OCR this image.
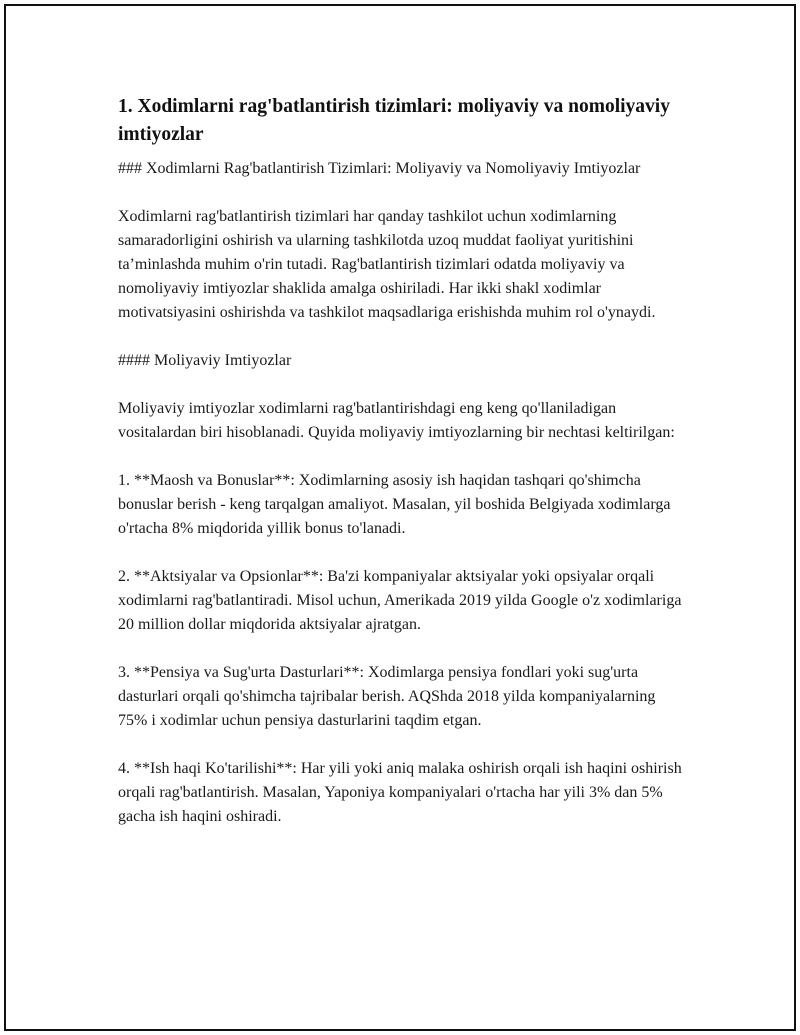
1. Xodimlarni rag'batlantirish tizimlari: moliyaviy va nomoliyaviy imtiyozlar

### Xodimlarni Rag'batlantirish Tizimlari: Moliyaviy va Nomoliyaviy Imtiyozlar

Xodimlarni rag'batlantirish tizimlari har qanday tashkilot uchun xodimlarning samaradorligini oshirish va ularning tashkilotda uzoq muddat faoliyat yuritishini ta’minlashda muhim o'rin tutadi. Rag'batlantirish tizimlari odatda moliyaviy va nomoliyaviy imtiyozlar shaklida amalga oshiriladi. Har ikki shakl xodimlar motivatsiyasini oshirishda va tashkilot maqsadlariga erishishda muhim rol o'ynaydi.

#### Moliyaviy Imtiyozlar

Moliyaviy imtiyozlar xodimlarni rag'batlantirishdagi eng keng qo'llaniladigan vositalardan biri hisoblanadi. Quyida moliyaviy imtiyozlarning bir nechtasi keltirilgan:

1. **Maosh va Bonuslar**: Xodimlarning asosiy ish haqidan tashqari qo'shimcha bonuslar berish - keng tarqalgan amaliyot. Masalan, yil boshida Belgiyada xodimlarga o'rtacha 8% miqdorida yillik bonus to'lanadi.

2. **Aktsiyalar va Opsionlar**: Ba'zi kompaniyalar aktsiyalar yoki opsiyalar orqali xodimlarni rag'batlantiradi. Misol uchun, Amerikada 2019 yilda Google o'z xodimlariga 20 million dollar miqdorida aktsiyalar ajratgan.

3. **Pensiya va Sug'urta Dasturlari**: Xodimlarga pensiya fondlari yoki sug'urta dasturlari orqali qo'shimcha tajribalar berish. AQShda 2018 yilda kompaniyalarning 75% i xodimlar uchun pensiya dasturlarini taqdim etgan.

4. **Ish haqi Ko'tarilishi**: Har yili yoki aniq malaka oshirish orqali ish haqini oshirish orqali rag'batlantirish. Masalan, Yaponiya kompaniyalari o'rtacha har yili 3% dan 5% gacha ish haqini oshiradi.
